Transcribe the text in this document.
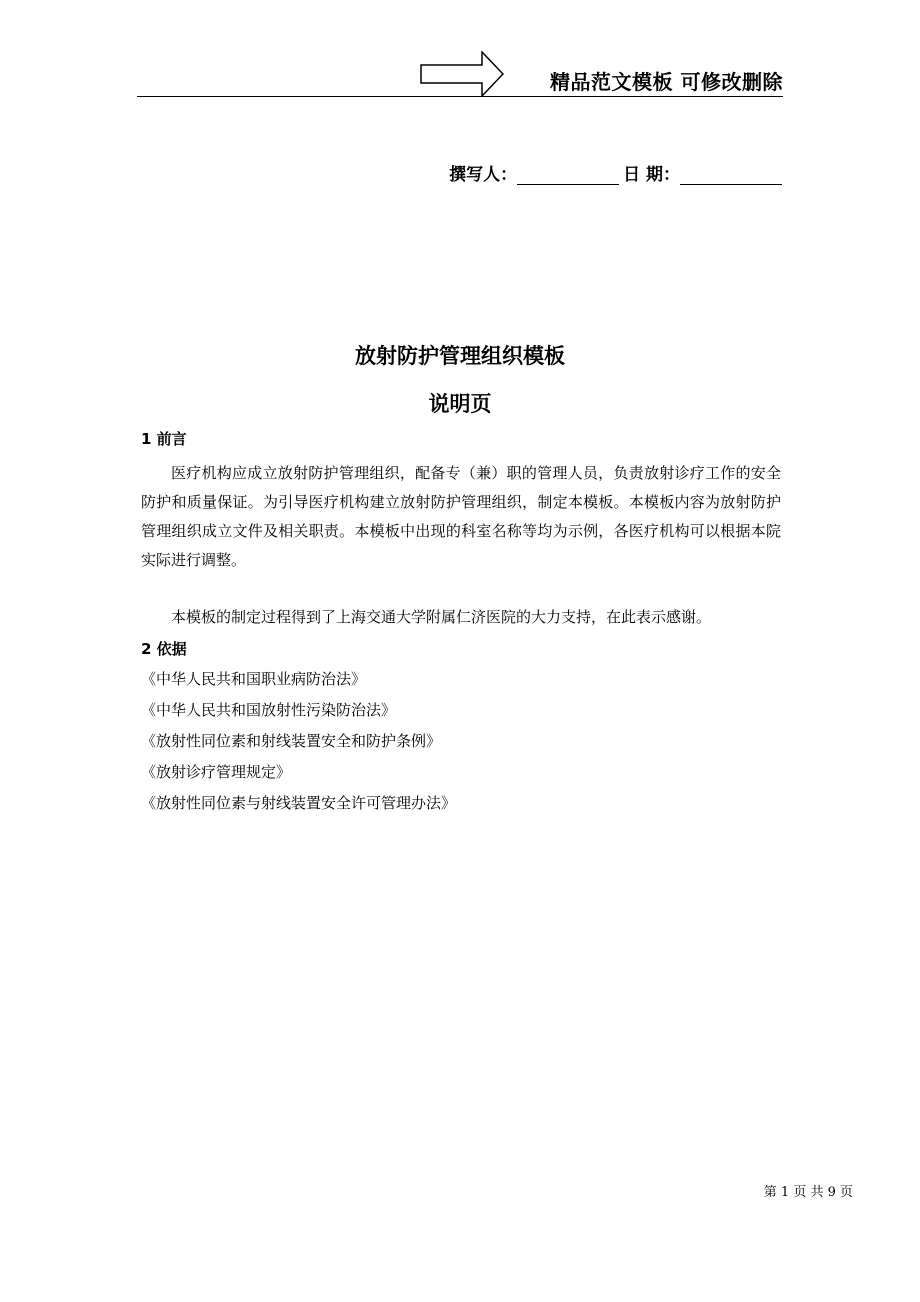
精品范文模板 可修改删除
撰写人：	日 期：
放射防护管理组织模板
说明页
1 前言

医疗机构应成立放射防护管理组织，配备专（兼）职的管理人员，负责放射诊疗工作的安全防护和质量保证。为引导医疗机构建立放射防护管理组织，制定本模板。本模板内容为放射防护管理组织成立文件及相关职责。本模板中出现的科室名称等均为示例，各医疗机构可以根据本院实际进行调整。

本模板的制定过程得到了上海交通大学附属仁济医院的大力支持，在此表示感谢。

2 依据
《中华人民共和国职业病防治法》
《中华人民共和国放射性污染防治法》
《放射性同位素和射线装置安全和防护条例》
《放射诊疗管理规定》
《放射性同位素与射线装置安全许可管理办法》
第 1 页 共 9 页
